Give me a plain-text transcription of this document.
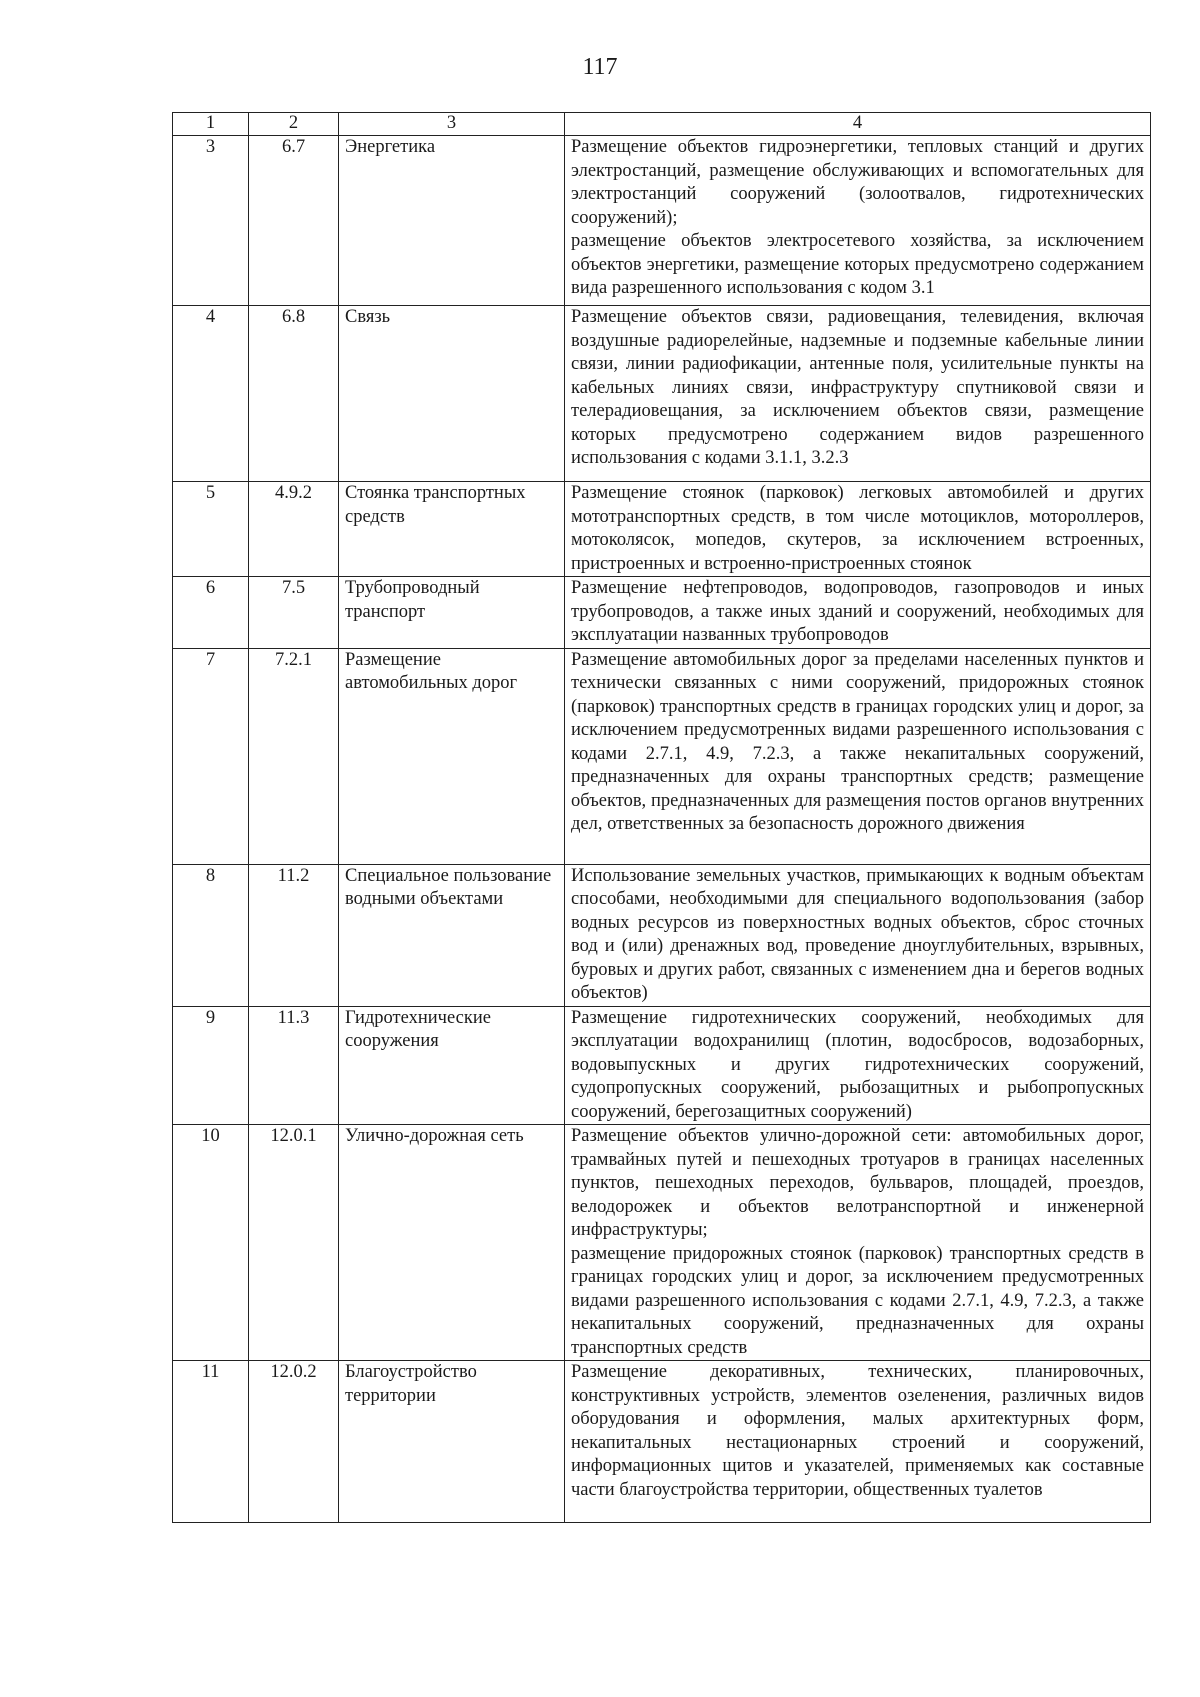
117
1	2	3	4
3	6.7	Энергетика	Размещение объектов гидроэнергетики, тепловых станций и других электростанций, размещение обслуживающих и вспомогательных для электростанций сооружений (золоотвалов, гидротехнических сооружений);

размещение объектов электросетевого хозяйства, за исключением объектов энергетики, размещение которых предусмотрено содержанием вида разрешенного использования с кодом 3.1

4	6.8	Связь	Размещение объектов связи, радиовещания, телевидения, включая воздушные радиорелейные, надземные и подземные кабельные линии связи, линии радиофикации, антенные поля, усилительные пункты на кабельных линиях связи, инфраструктуру спутниковой связи и телерадиовещания, за исключением объектов связи, размещение которых предусмотрено содержанием видов разрешенного использования с кодами 3.1.1, 3.2.3

5	4.9.2	Стоянка транспортных средств	Размещение стоянок (парковок) легковых автомобилей и других мототранспортных средств, в том числе мотоциклов, мотороллеров, мотоколясок, мопедов, скутеров, за исключением встроенных, пристроенных и встроенно-пристроенных стоянок

6	7.5	Трубопроводный транспорт	Размещение нефтепроводов, водопроводов, газопроводов и иных трубопроводов, а также иных зданий и сооружений, необходимых для эксплуатации названных трубопроводов

7	7.2.1	Размещение автомобильных дорог	Размещение автомобильных дорог за пределами населенных пунктов и технически связанных с ними сооружений, придорожных стоянок (парковок) транспортных средств в границах городских улиц и дорог, за исключением предусмотренных видами разрешенного использования с кодами 2.7.1, 4.9, 7.2.3, а также некапитальных сооружений, предназначенных для охраны транспортных средств; размещение объектов, предназначенных для размещения постов органов внутренних дел, ответственных за безопасность дорожного движения

8	11.2	Специальное пользование водными объектами	Использование земельных участков, примыкающих к водным объектам способами, необходимыми для специального водопользования (забор водных ресурсов из поверхностных водных объектов, сброс сточных вод и (или) дренажных вод, проведение дноуглубительных, взрывных, буровых и других работ, связанных с изменением дна и берегов водных объектов)

9	11.3	Гидротехнические сооружения	Размещение гидротехнических сооружений, необходимых для эксплуатации водохранилищ (плотин, водосбросов, водозаборных, водовыпускных и других гидротехнических сооружений, судопропускных сооружений, рыбозащитных и рыбопропускных сооружений, берегозащитных сооружений)

10	12.0.1	Улично-дорожная сеть	Размещение объектов улично-дорожной сети: автомобильных дорог, трамвайных путей и пешеходных тротуаров в границах населенных пунктов, пешеходных переходов, бульваров, площадей, проездов, велодорожек и объектов велотранспортной и инженерной инфраструктуры;

размещение придорожных стоянок (парковок) транспортных средств в границах городских улиц и дорог, за исключением предусмотренных видами разрешенного использования с кодами 2.7.1, 4.9, 7.2.3, а также некапитальных сооружений, предназначенных для охраны транспортных средств

11	12.0.2	Благоустройство территории	Размещение декоративных, технических, планировочных, конструктивных устройств, элементов озеленения, различных видов оборудования и оформления, малых архитектурных форм, некапитальных нестационарных строений и сооружений, информационных щитов и указателей, применяемых как составные части благоустройства территории, общественных туалетов
